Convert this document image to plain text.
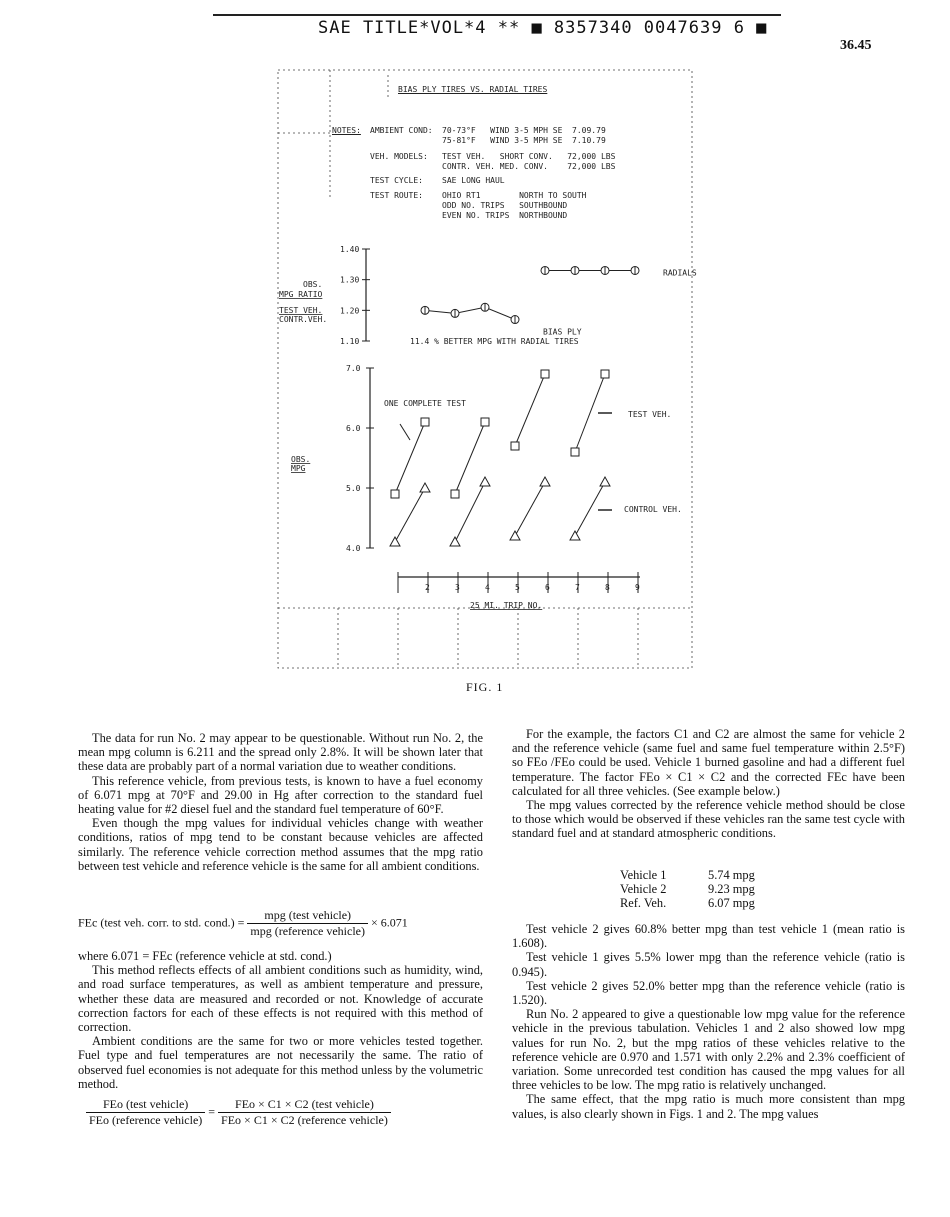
SAE TITLE*VOL*4 ** ■ 8357340 0047639 6 ■
36.45
BIAS PLY TIRES VS. RADIAL TIRES
NOTES: AMBIENT COND: 70-73°F   WIND 3-5 MPH SE  7.09.79
75-81°F   WIND 3-5 MPH SE  7.10.79
VEH. MODELS: TEST VEH.   SHORT CONV.   72,000 LBS
CONTR. VEH. MED. CONV.    72,000 LBS
TEST CYCLE: SAE LONG HAUL
TEST ROUTE: OHIO RT1        NORTH TO SOUTH
ODD NO. TRIPS   SOUTHBOUND
EVEN NO. TRIPS  NORTHBOUND
1.40
1.30
1.20
1.10
OBS.
MPG RATIO
TEST VEH.
CONTR.VEH.
BIAS PLY
RADIALS
11.4 % BETTER MPG WITH RADIAL TIRES
7.0
6.0
5.0
4.0
OBS.
MPG
2	3	4	5	6	7	8	9
25 MI. TRIP NO.
ONE COMPLETE TEST
TEST VEH.
CONTROL VEH.
FIG. 1

The data for run No. 2 may appear to be questionable. Without run No. 2, the mean mpg column is 6.211 and the spread only 2.8%. It will be shown later that these data are probably part of a normal variation due to weather conditions.

This reference vehicle, from previous tests, is known to have a fuel economy of 6.071 mpg at 70°F and 29.00 in Hg after correction to the standard fuel heating value for #2 diesel fuel and the standard fuel temperature of 60°F.

Even though the mpg values for individual vehicles change with weather conditions, ratios of mpg tend to be constant because vehicles are affected similarly. The reference vehicle correction method assumes that the mpg ratio between test vehicle and reference vehicle is the same for all ambient conditions.

FEc (test veh. corr. to std. cond.) = $\frac{\text{mpg (test vehicle)}}{\text{mpg (reference vehicle)}} \times 6.071$

where 6.071 = FEc (reference vehicle at std. cond.)

This method reflects effects of all ambient conditions such as humidity, wind, and road surface temperatures, as well as ambient temperature and pressure, whether these data are measured and recorded or not. Knowledge of accurate correction factors for each of these effects is not required with this method of correction.

Ambient conditions are the same for two or more vehicles tested together. Fuel type and fuel temperatures are not necessarily the same. The ratio of observed fuel economies is not adequate for this method unless by the volumetric method.

$\frac{\text{FEo (test vehicle)}}{\text{FEo (reference vehicle)}} = \frac{\text{FEo × C1 × C2 (test vehicle)}}{\text{FEo × C1 × C2 (reference vehicle)}}$

For the example, the factors C1 and C2 are almost the same for vehicle 2 and the reference vehicle (same fuel and same fuel temperature within 2.5°F) so FEo /FEo could be used. Vehicle 1 burned gasoline and had a different fuel temperature. The factor FEo × C1 × C2 and the corrected FEc have been calculated for all three vehicles. (See example below.)

The mpg values corrected by the reference vehicle method should be close to those which would be observed if these vehicles ran the same test cycle with standard fuel and at standard atmospheric conditions.

Vehicle 1	5.74 mpg
Vehicle 2	9.23 mpg
Ref. Veh.	6.07 mpg

Test vehicle 2 gives 60.8% better mpg than test vehicle 1 (mean ratio is 1.608).

Test vehicle 1 gives 5.5% lower mpg than the reference vehicle (ratio is 0.945).

Test vehicle 2 gives 52.0% better mpg than the reference vehicle (ratio is 1.520).

Run No. 2 appeared to give a questionable low mpg value for the reference vehicle in the previous tabulation. Vehicles 1 and 2 also showed low mpg values for run No. 2, but the mpg ratios of these vehicles relative to the reference vehicle are 0.970 and 1.571 with only 2.2% and 2.3% coefficient of variation. Some unrecorded test condition has caused the mpg values for all three vehicles to be low. The mpg ratio is relatively unchanged.

The same effect, that the mpg ratio is much more consistent than mpg values, is also clearly shown in Figs. 1 and 2. The mpg values
